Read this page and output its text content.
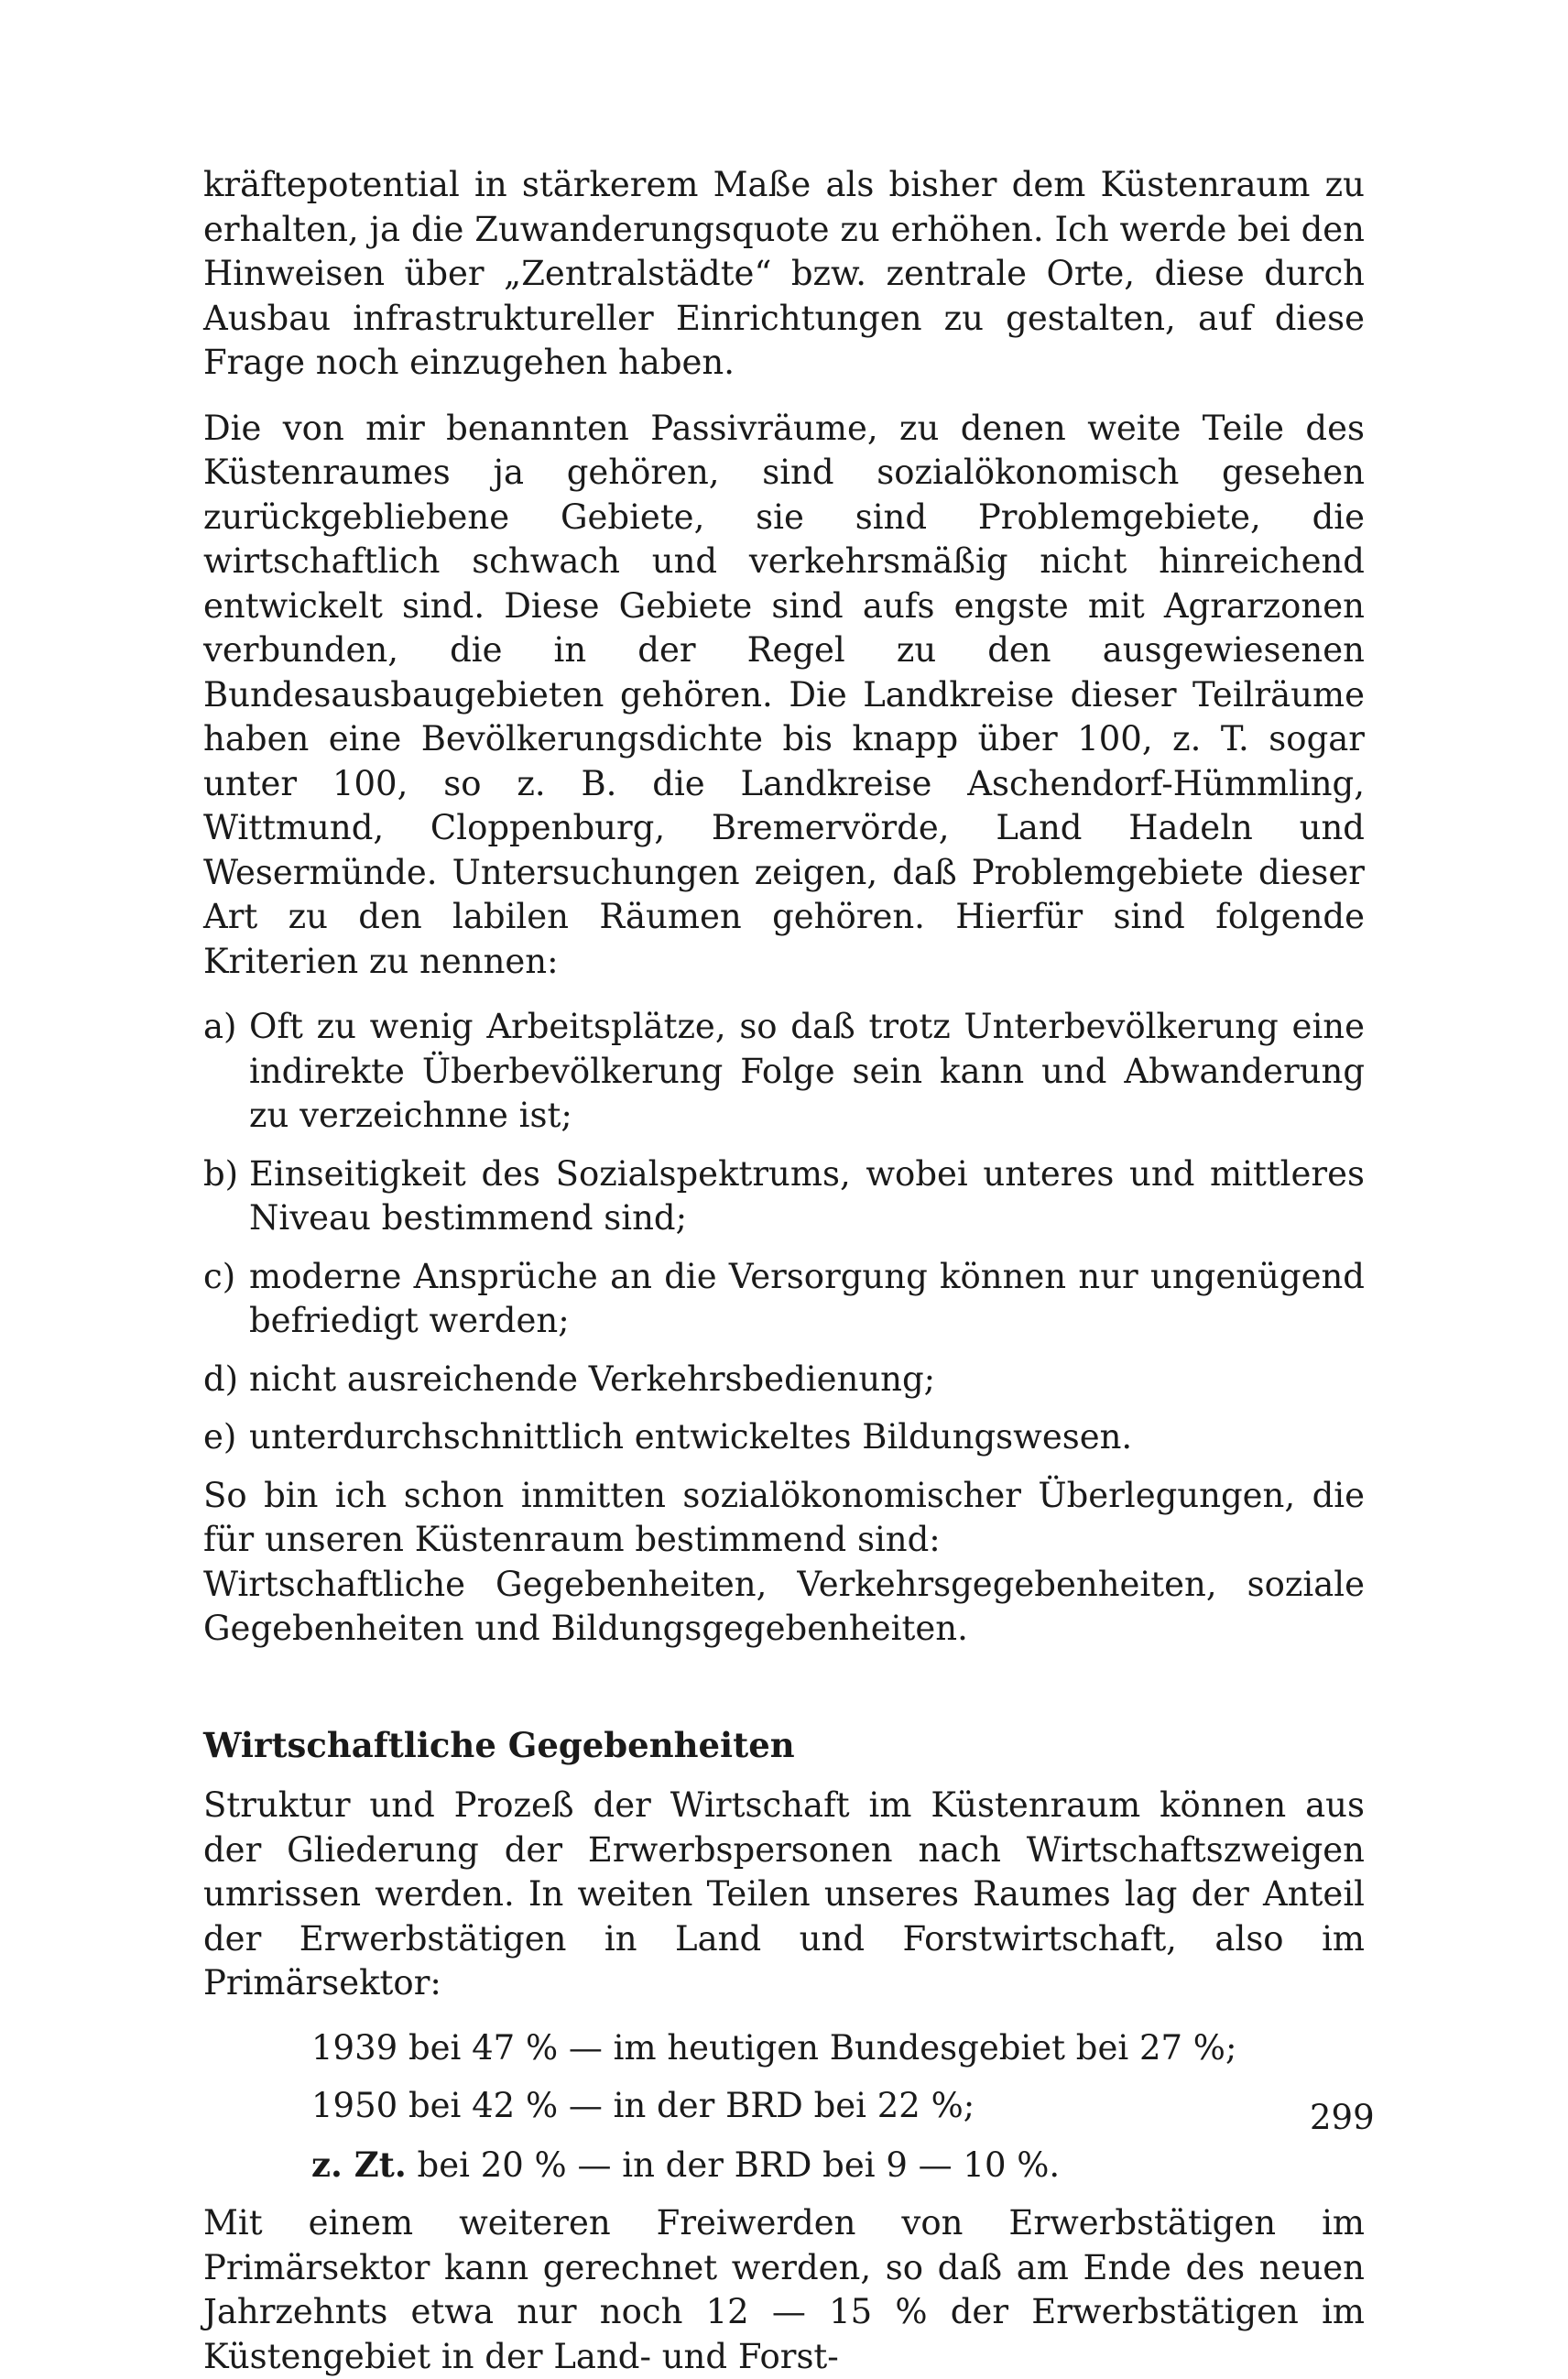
kräftepotential in stärkerem Maße als bisher dem Küstenraum zu erhalten, ja die Zuwanderungsquote zu erhöhen. Ich werde bei den Hinweisen über „Zentralstädte“ bzw. zentrale Orte, diese durch Ausbau infrastruktureller Einrichtungen zu gestalten, auf diese Frage noch einzugehen haben.

Die von mir benannten Passivräume, zu denen weite Teile des Küstenraumes ja gehören, sind sozialökonomisch gesehen zurückgebliebene Gebiete, sie sind Problemgebiete, die wirtschaftlich schwach und verkehrsmäßig nicht hinreichend entwickelt sind. Diese Gebiete sind aufs engste mit Agrarzonen verbunden, die in der Regel zu den ausgewiesenen Bundesausbaugebieten gehören. Die Landkreise dieser Teilräume haben eine Bevölkerungsdichte bis knapp über 100, z. T. sogar unter 100, so z. B. die Landkreise Aschendorf-Hümmling, Wittmund, Cloppenburg, Bremervörde, Land Hadeln und Wesermünde. Untersuchungen zeigen, daß Problemgebiete dieser Art zu den labilen Räumen gehören. Hierfür sind folgende Kriterien zu nennen:

a) Oft zu wenig Arbeitsplätze, so daß trotz Unterbevölkerung eine indirekte Überbevölkerung Folge sein kann und Abwanderung zu verzeichnne ist;
b) Einseitigkeit des Sozialspektrums, wobei unteres und mittleres Niveau bestimmend sind;
c) moderne Ansprüche an die Versorgung können nur ungenügend befriedigt werden;
d) nicht ausreichende Verkehrsbedienung;
e) unterdurchschnittlich entwickeltes Bildungswesen.

So bin ich schon inmitten sozialökonomischer Überlegungen, die für unseren Küstenraum bestimmend sind:
Wirtschaftliche Gegebenheiten, Verkehrsgegebenheiten, soziale Gegebenheiten und Bildungsgegebenheiten.

Wirtschaftliche Gegebenheiten

Struktur und Prozeß der Wirtschaft im Küstenraum können aus der Gliederung der Erwerbspersonen nach Wirtschaftszweigen umrissen werden. In weiten Teilen unseres Raumes lag der Anteil der Erwerbstätigen in Land und Forstwirtschaft, also im Primärsektor:

1939 bei 47 % — im heutigen Bundesgebiet bei 27 %;
1950 bei 42 % — in der BRD bei 22 %;
z. Zt. bei 20 % — in der BRD bei 9 — 10 %.

Mit einem weiteren Freiwerden von Erwerbstätigen im Primärsektor kann gerechnet werden, so daß am Ende des neuen Jahrzehnts etwa nur noch 12 — 15 % der Erwerbstätigen im Küstengebiet in der Land- und Forst-

299
